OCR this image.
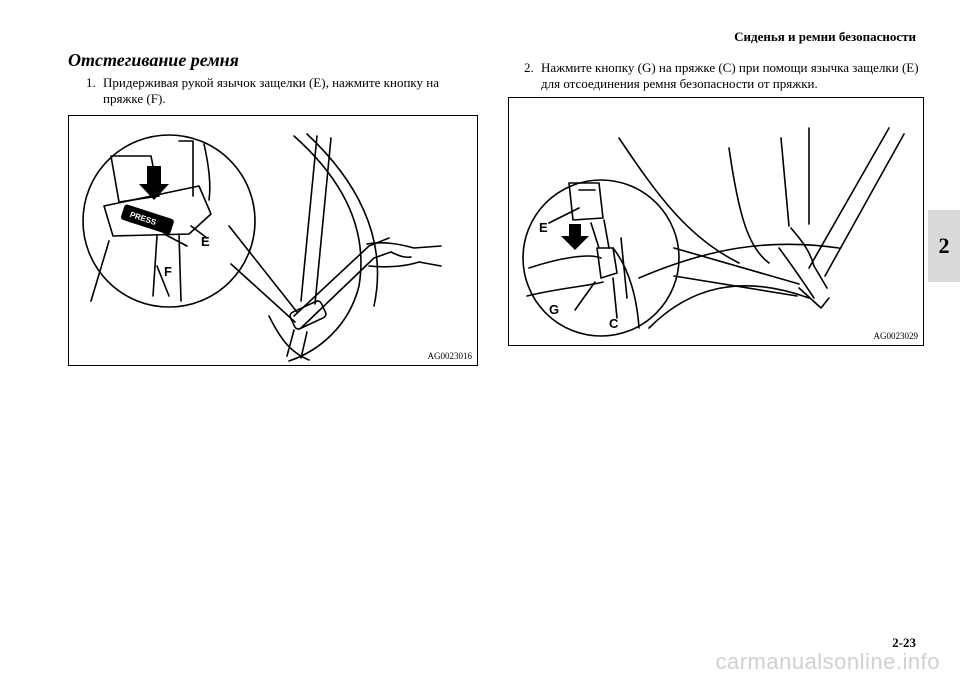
Сиденья и ремни безопасности
2
Отстегивание ремня
1. Придерживая рукой язычок защелки (E), нажмите кнопку на пряжке (F).
2. Нажмите кнопку (G) на пряжке (C) при помощи язычка защелки (E) для отсоединения ремня безопасности от пряжки.
PRESS
E
F
AG0023016
E
G
C
AG0023029
2-23
carmanualsonline.info
